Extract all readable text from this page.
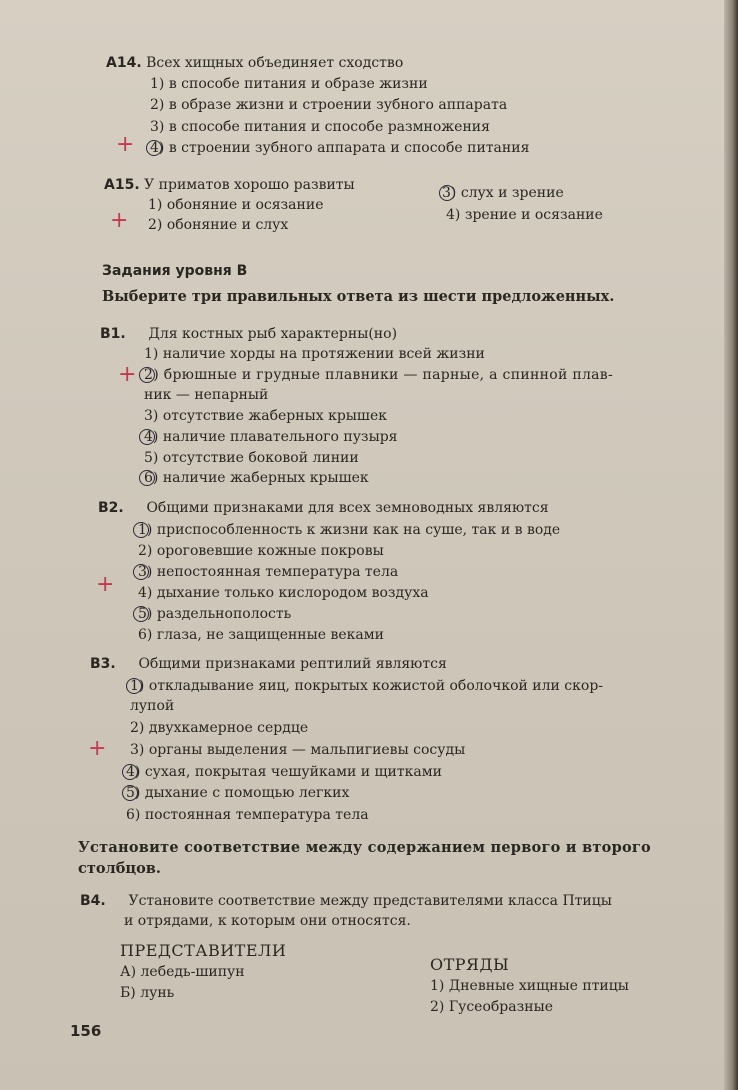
А14. Всех хищных объединяет сходство
1) в способе питания и образе жизни
2) в образе жизни и строении зубного аппарата
3) в способе питания и способе размножения
4) в строении зубного аппарата и способе питания
+
А15. У приматов хорошо развиты
1) обоняние и осязание
2) обоняние и слух
3) слух и зрение
4) зрение и осязание
+
Задания уровня В
Выберите три правильных ответа из шести предложенных.
В1. Для костных рыб характерны(но)
1) наличие хорды на протяжении всей жизни
2) брюшные и грудные плавники — парные, а спинной плав-
ник — непарный
3) отсутствие жаберных крышек
4) наличие плавательного пузыря
5) отсутствие боковой линии
6) наличие жаберных крышек
+
В2. Общими признаками для всех земноводных являются
1) приспособленность к жизни как на суше, так и в воде
2) ороговевшие кожные покровы
3) непостоянная температура тела
4) дыхание только кислородом воздуха
5) раздельнополость
6) глаза, не защищенные веками
+
В3. Общими признаками рептилий являются
1) откладывание яиц, покрытых кожистой оболочкой или скор-
лупой
2) двухкамерное сердце
3) органы выделения — мальпигиевы сосуды
4) сухая, покрытая чешуйками и щитками
5) дыхание с помощью легких
6) постоянная температура тела
+
Установите соответствие между содержанием первого и второго
столбцов.
В4. Установите соответствие между представителями класса Птицы
и отрядами, к которым они относятся.
ПРЕДСТАВИТЕЛИ
А) лебедь-шипун
Б) лунь
ОТРЯДЫ
1) Дневные хищные птицы
2) Гусеобразные
156
